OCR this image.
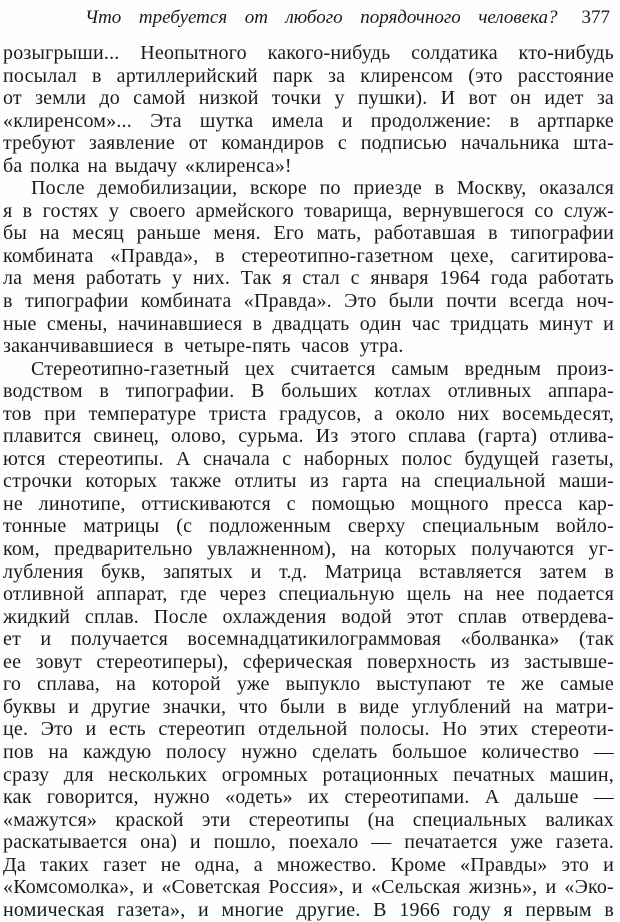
Что требуется от любого порядочного человека? 377
розыгрыши... Неопытного какого-нибудь солдатика кто-нибудь
посылал в артиллерийский парк за клиренсом (это расстояние
от земли до самой низкой точки у пушки). И вот он идет за
«клиренсом»... Эта шутка имела и продолжение: в артпарке
требуют заявление от командиров с подписью начальника шта-
ба полка на выдачу «клиренса»!
После демобилизации, вскоре по приезде в Москву, оказался
я в гостях у своего армейского товарища, вернувшегося со служ-
бы на месяц раньше меня. Его мать, работавшая в типографии
комбината «Правда», в стереотипно-газетном цехе, сагитирова-
ла меня работать у них. Так я стал с января 1964 года работать
в типографии комбината «Правда». Это были почти всегда ноч-
ные смены, начинавшиеся в двадцать один час тридцать минут и
заканчивавшиеся в четыре-пять часов утра.
Стереотипно-газетный цех считается самым вредным произ-
водством в типографии. В больших котлах отливных аппара-
тов при температуре триста градусов, а около них восемьдесят,
плавится свинец, олово, сурьма. Из этого сплава (гарта) отлива-
ются стереотипы. А сначала с наборных полос будущей газеты,
строчки которых также отлиты из гарта на специальной маши-
не линотипе, оттискиваются с помощью мощного пресса кар-
тонные матрицы (с подложенным сверху специальным войло-
ком, предварительно увлажненном), на которых получаются уг-
лубления букв, запятых и т.д. Матрица вставляется затем в
отливной аппарат, где через специальную щель на нее подается
жидкий сплав. После охлаждения водой этот сплав отвердева-
ет и получается восемнадцатикилограммовая «болванка» (так
ее зовут стереотиперы), сферическая поверхность из застывше-
го сплава, на которой уже выпукло выступают те же самые
буквы и другие значки, что были в виде углублений на матри-
це. Это и есть стереотип отдельной полосы. Но этих стереоти-
пов на каждую полосу нужно сделать большое количество —
сразу для нескольких огромных ротационных печатных машин,
как говорится, нужно «одеть» их стереотипами. А дальше —
«мажутся» краской эти стереотипы (на специальных валиках
раскатывается она) и пошло, поехало — печатается уже газета.
Да таких газет не одна, а множество. Кроме «Правды» это и
«Комсомолка», и «Советская Россия», и «Сельская жизнь», и «Эко-
номическая газета», и многие другие. В 1966 году я первым в
